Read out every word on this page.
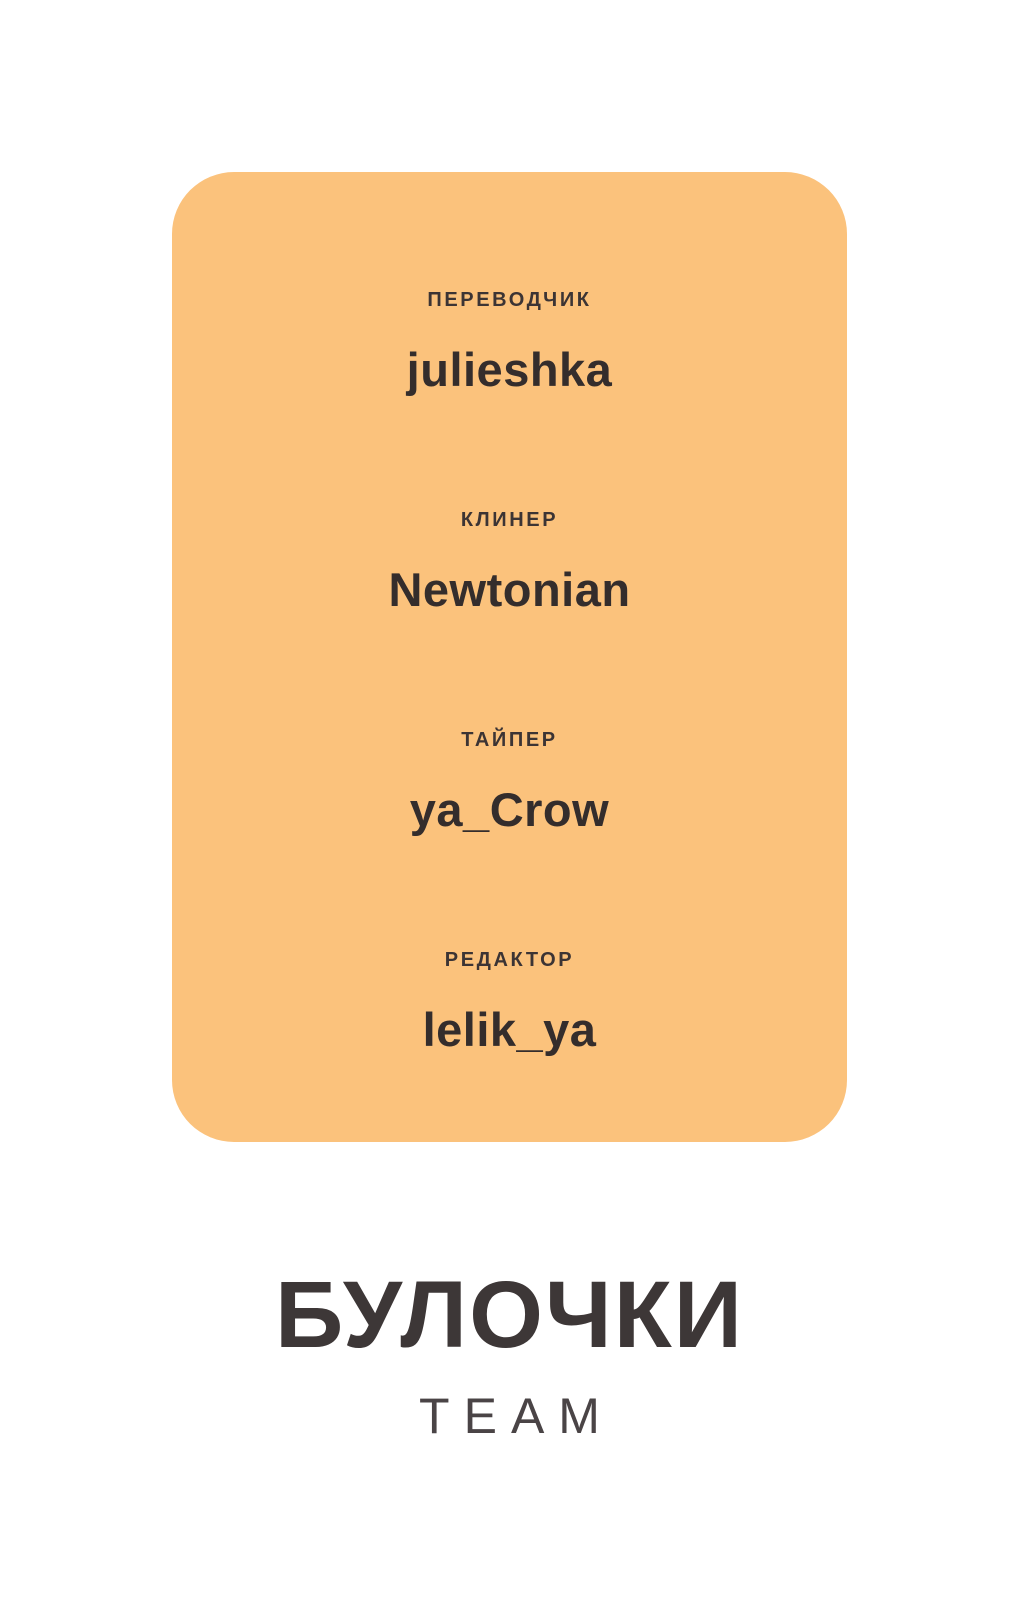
ПЕРЕВОДЧИК
julieshka
КЛИНЕР
Newtonian
ТАЙПЕР
ya_Crow
РЕДАКТОР
lelik_ya
БУЛОЧКИ
TEAM
